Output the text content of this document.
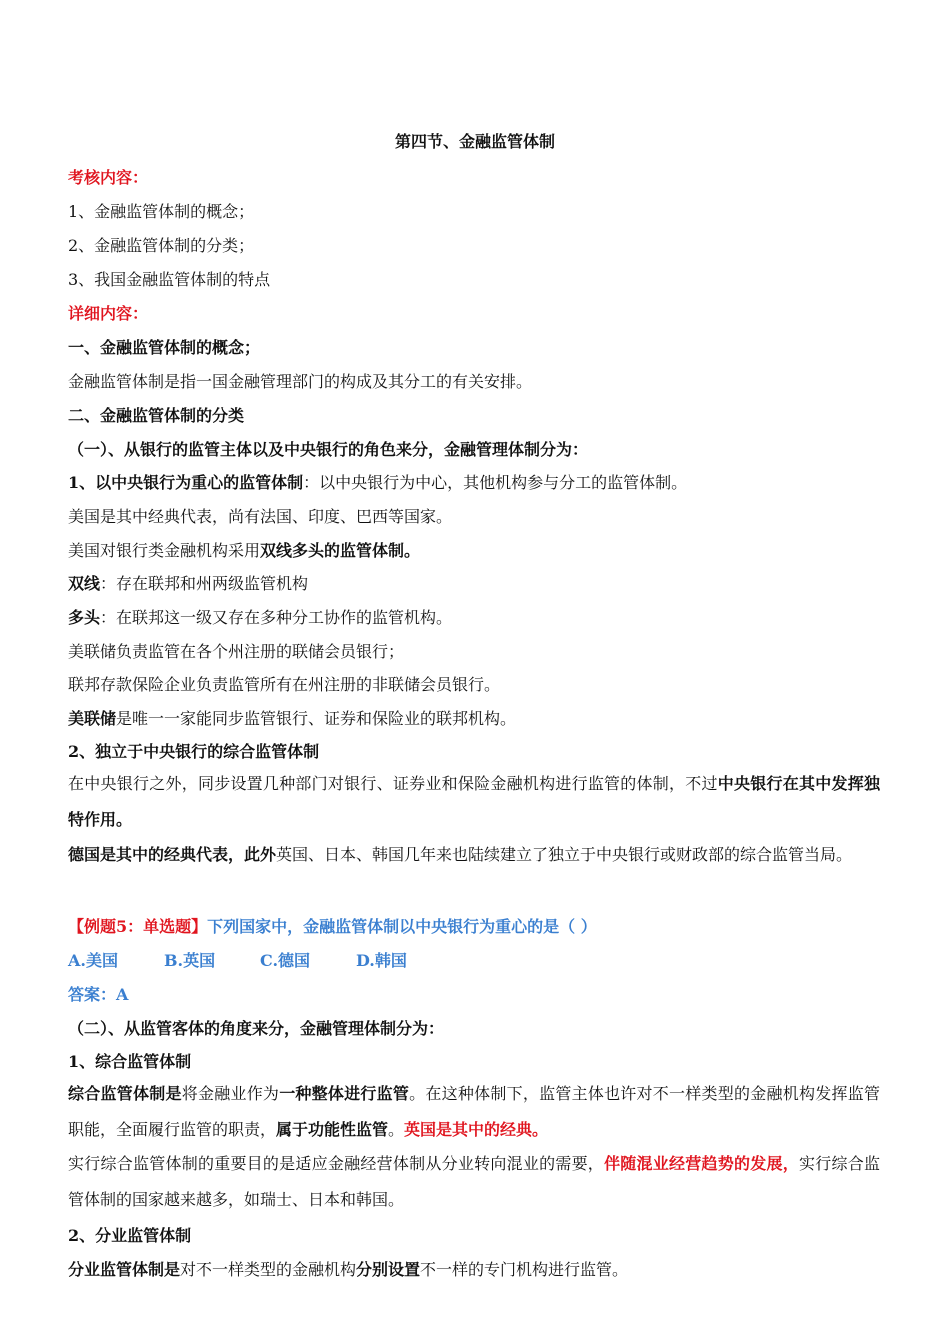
第四节、金融监管体制
考核内容：
1、金融监管体制的概念；
2、金融监管体制的分类；
3、我国金融监管体制的特点
详细内容：
一、金融监管体制的概念；
金融监管体制是指一国金融管理部门的构成及其分工的有关安排。
二、金融监管体制的分类
（一）、从银行的监管主体以及中央银行的角色来分，金融管理体制分为：
1、以中央银行为重心的监管体制：以中央银行为中心，其他机构参与分工的监管体制。
美国是其中经典代表，尚有法国、印度、巴西等国家。
美国对银行类金融机构采用双线多头的监管体制。
双线：存在联邦和州两级监管机构
多头：在联邦这一级又存在多种分工协作的监管机构。
美联储负责监管在各个州注册的联储会员银行；
联邦存款保险企业负责监管所有在州注册的非联储会员银行。
美联储是唯一一家能同步监管银行、证券和保险业的联邦机构。
2、独立于中央银行的综合监管体制
在中央银行之外，同步设置几种部门对银行、证券业和保险金融机构进行监管的体制，不过中央银行在其中发挥独特作用。
德国是其中的经典代表，此外英国、日本、韩国几年来也陆续建立了独立于中央银行或财政部的综合监管当局。
【例题5：单选题】下列国家中，金融监管体制以中央银行为重心的是（ ）
A.美国	B.英国	C.德国	D.韩国
答案：A
（二）、从监管客体的角度来分，金融管理体制分为：
1、综合监管体制
综合监管体制是将金融业作为一种整体进行监管。在这种体制下，监管主体也许对不一样类型的金融机构发挥监管职能，全面履行监管的职责，属于功能性监管。英国是其中的经典。
实行综合监管体制的重要目的是适应金融经营体制从分业转向混业的需要，伴随混业经营趋势的发展，实行综合监管体制的国家越来越多，如瑞士、日本和韩国。
2、分业监管体制
分业监管体制是对不一样类型的金融机构分别设置不一样的专门机构进行监管。
